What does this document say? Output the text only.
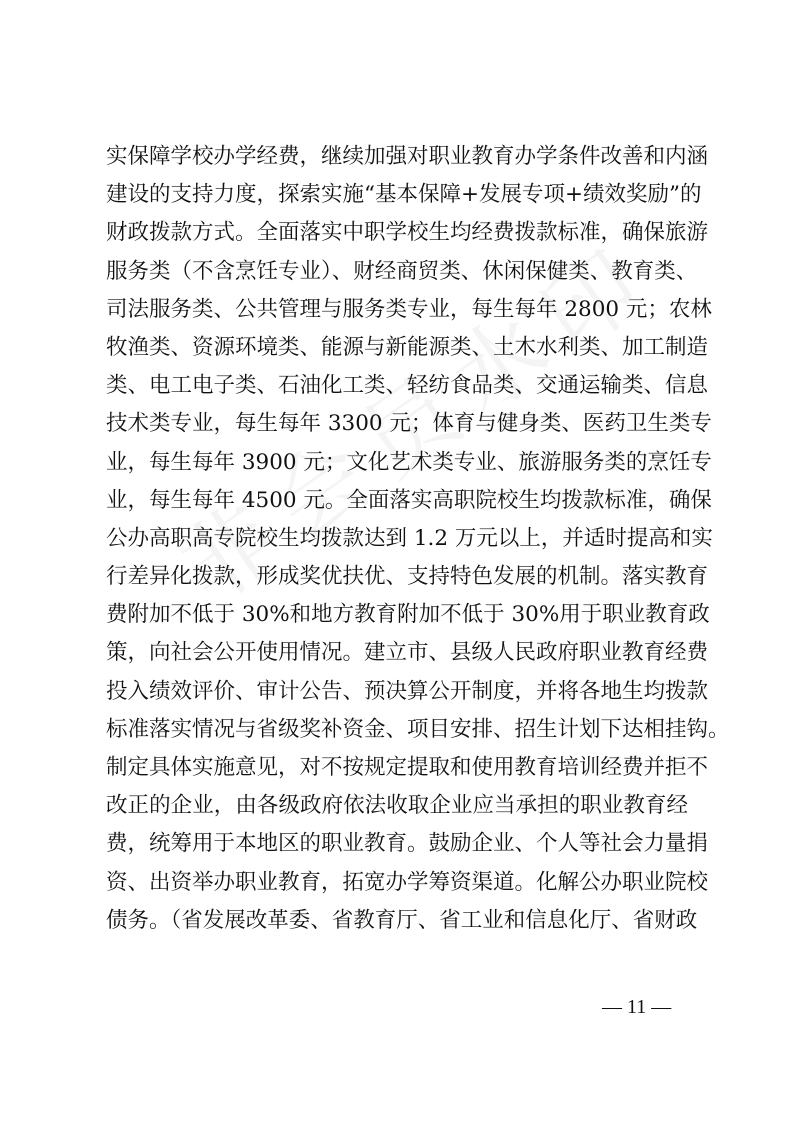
实保障学校办学经费，继续加强对职业教育办学条件改善和内涵
建设的支持力度，探索实施“基本保障+发展专项+绩效奖励”的
财政拨款方式。全面落实中职学校生均经费拨款标准，确保旅游
服务类（不含烹饪专业）、财经商贸类、休闲保健类、教育类、
司法服务类、公共管理与服务类专业，每生每年 2800 元；农林
牧渔类、资源环境类、能源与新能源类、土木水利类、加工制造
类、电工电子类、石油化工类、轻纺食品类、交通运输类、信息
技术类专业，每生每年 3300 元；体育与健身类、医药卫生类专
业，每生每年 3900 元；文化艺术类专业、旅游服务类的烹饪专
业，每生每年 4500 元。全面落实高职院校生均拨款标准，确保
公办高职高专院校生均拨款达到 1.2 万元以上，并适时提高和实
行差异化拨款，形成奖优扶优、支持特色发展的机制。落实教育
费附加不低于 30%和地方教育附加不低于 30%用于职业教育政
策，向社会公开使用情况。建立市、县级人民政府职业教育经费
投入绩效评价、审计公告、预决算公开制度，并将各地生均拨款
标准落实情况与省级奖补资金、项目安排、招生计划下达相挂钩。
制定具体实施意见，对不按规定提取和使用教育培训经费并拒不
改正的企业，由各级政府依法收取企业应当承担的职业教育经
费，统筹用于本地区的职业教育。鼓励企业、个人等社会力量捐
资、出资举办职业教育，拓宽办学筹资渠道。化解公办职业院校
债务。（省发展改革委、省教育厅、省工业和信息化厅、省财政
— 11 —
